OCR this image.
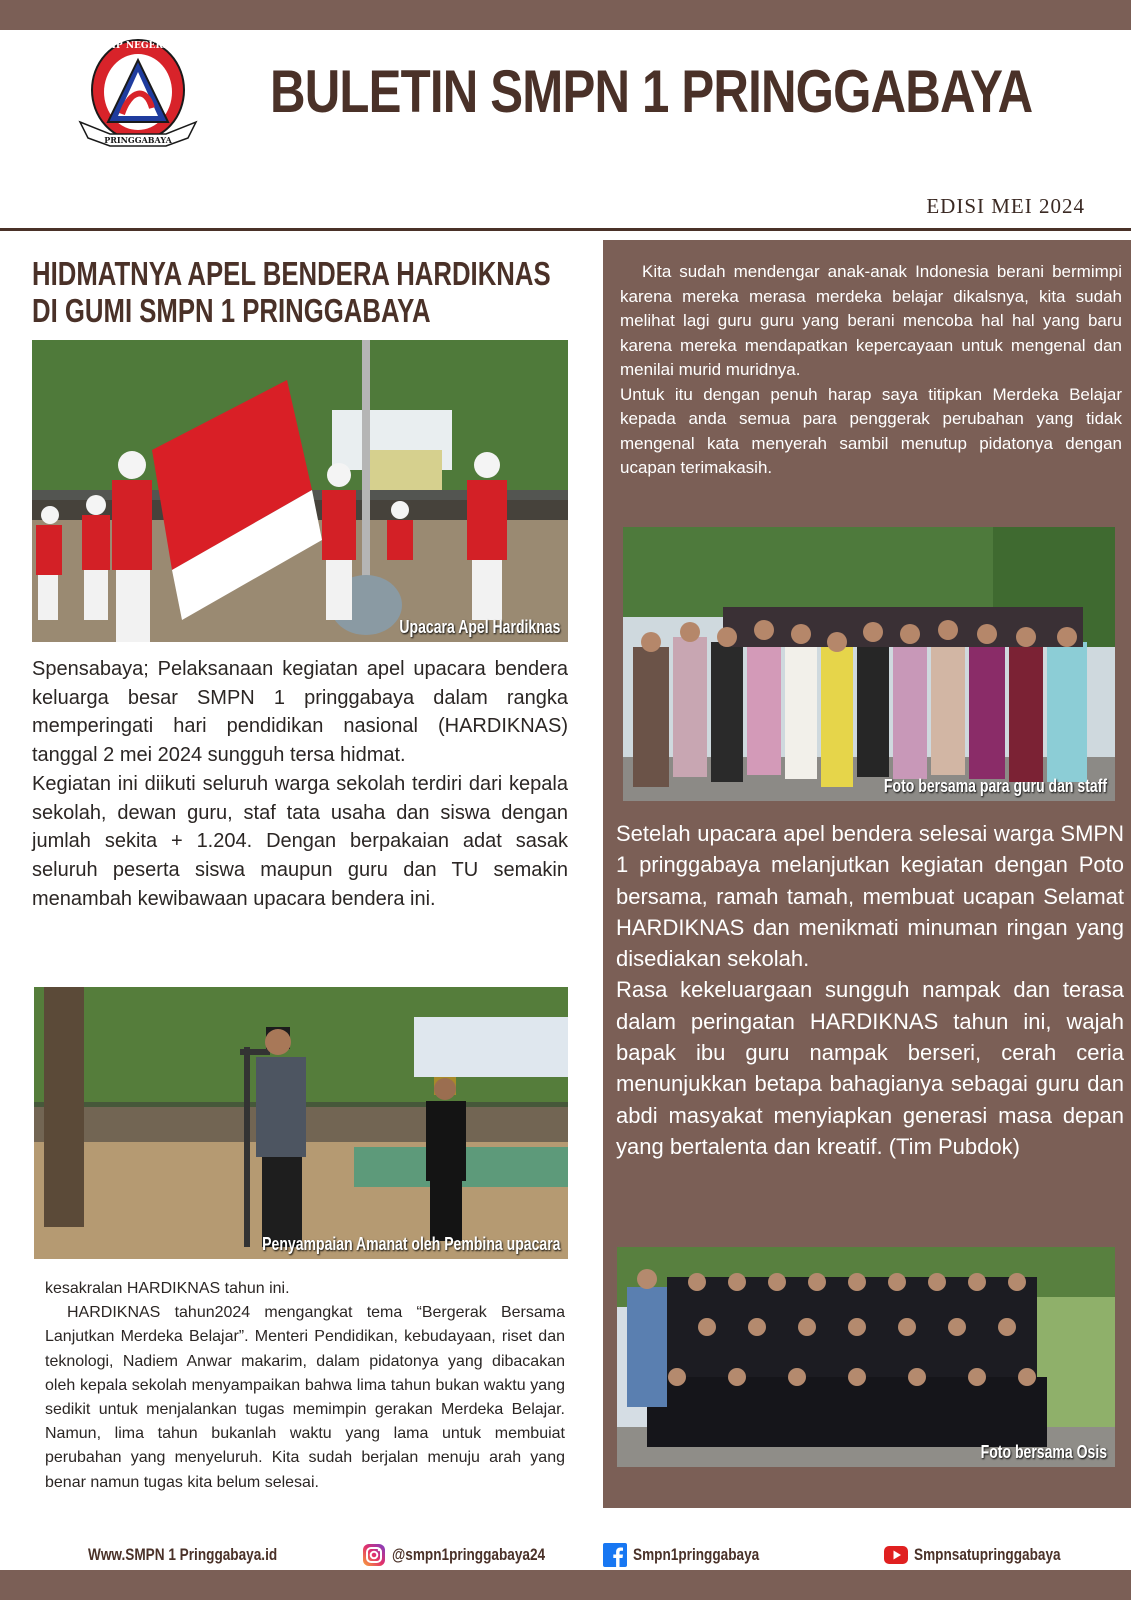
PRINGGABAYA
SMP NEGERI 1
BULETIN SMPN 1 PRINGGABAYA
EDISI MEI 2024
HIDMATNYA APEL BENDERA HARDIKNAS
DI GUMI SMPN 1 PRINGGABAYA
Upacara Apel Hardiknas

Spensabaya; Pelaksanaan kegiatan apel upacara bendera keluarga besar SMPN 1 pringgabaya dalam rangka memperingati hari pendidikan nasional (HARDIKNAS) tanggal 2 mei 2024 sungguh tersa hidmat.

Kegiatan ini diikuti seluruh warga sekolah terdiri dari kepala sekolah, dewan guru, staf tata usaha dan siswa dengan jumlah sekita + 1.204. Dengan berpakaian adat sasak seluruh peserta siswa maupun guru dan TU semakin menambah kewibawaan upacara bendera ini.

Penyampaian Amanat oleh Pembina upacara

kesakralan HARDIKNAS tahun ini.

HARDIKNAS tahun2024 mengangkat tema “Bergerak Bersama Lanjutkan Merdeka Belajar”. Menteri Pendidikan, kebudayaan, riset dan teknologi, Nadiem Anwar makarim, dalam pidatonya yang dibacakan oleh kepala sekolah menyampaikan bahwa lima tahun bukan waktu yang sedikit untuk menjalankan tugas memimpin gerakan Merdeka Belajar. Namun, lima tahun bukanlah waktu yang lama untuk membuiat perubahan yang menyeluruh. Kita sudah berjalan menuju arah yang benar namun tugas kita belum selesai.

Kita sudah mendengar anak-anak Indonesia berani bermimpi karena mereka merasa merdeka belajar dikalsnya, kita sudah melihat lagi guru guru yang berani mencoba hal hal yang baru karena mereka mendapatkan kepercayaan untuk mengenal dan menilai murid muridnya.

Untuk itu dengan penuh harap saya titipkan Merdeka Belajar kepada anda semua para penggerak perubahan yang tidak mengenal kata menyerah sambil menutup pidatonya dengan ucapan terimakasih.

Foto bersama para guru dan staff

Setelah upacara apel bendera selesai warga SMPN 1 pringgabaya melanjutkan kegiatan dengan Poto bersama, ramah tamah, membuat ucapan Selamat HARDIKNAS dan menikmati minuman ringan yang disediakan sekolah.

Rasa kekeluargaan sungguh nampak dan terasa dalam peringatan HARDIKNAS tahun ini, wajah bapak ibu guru nampak berseri, cerah ceria menunjukkan betapa bahagianya sebagai guru dan abdi masyakat menyiapkan generasi masa depan yang bertalenta dan kreatif. (Tim Pubdok)

Foto bersama Osis
Www.SMPN 1 Pringgabaya.id	@smpn1pringgabaya24	Smpn1pringgabaya	Smpnsatupringgabaya
